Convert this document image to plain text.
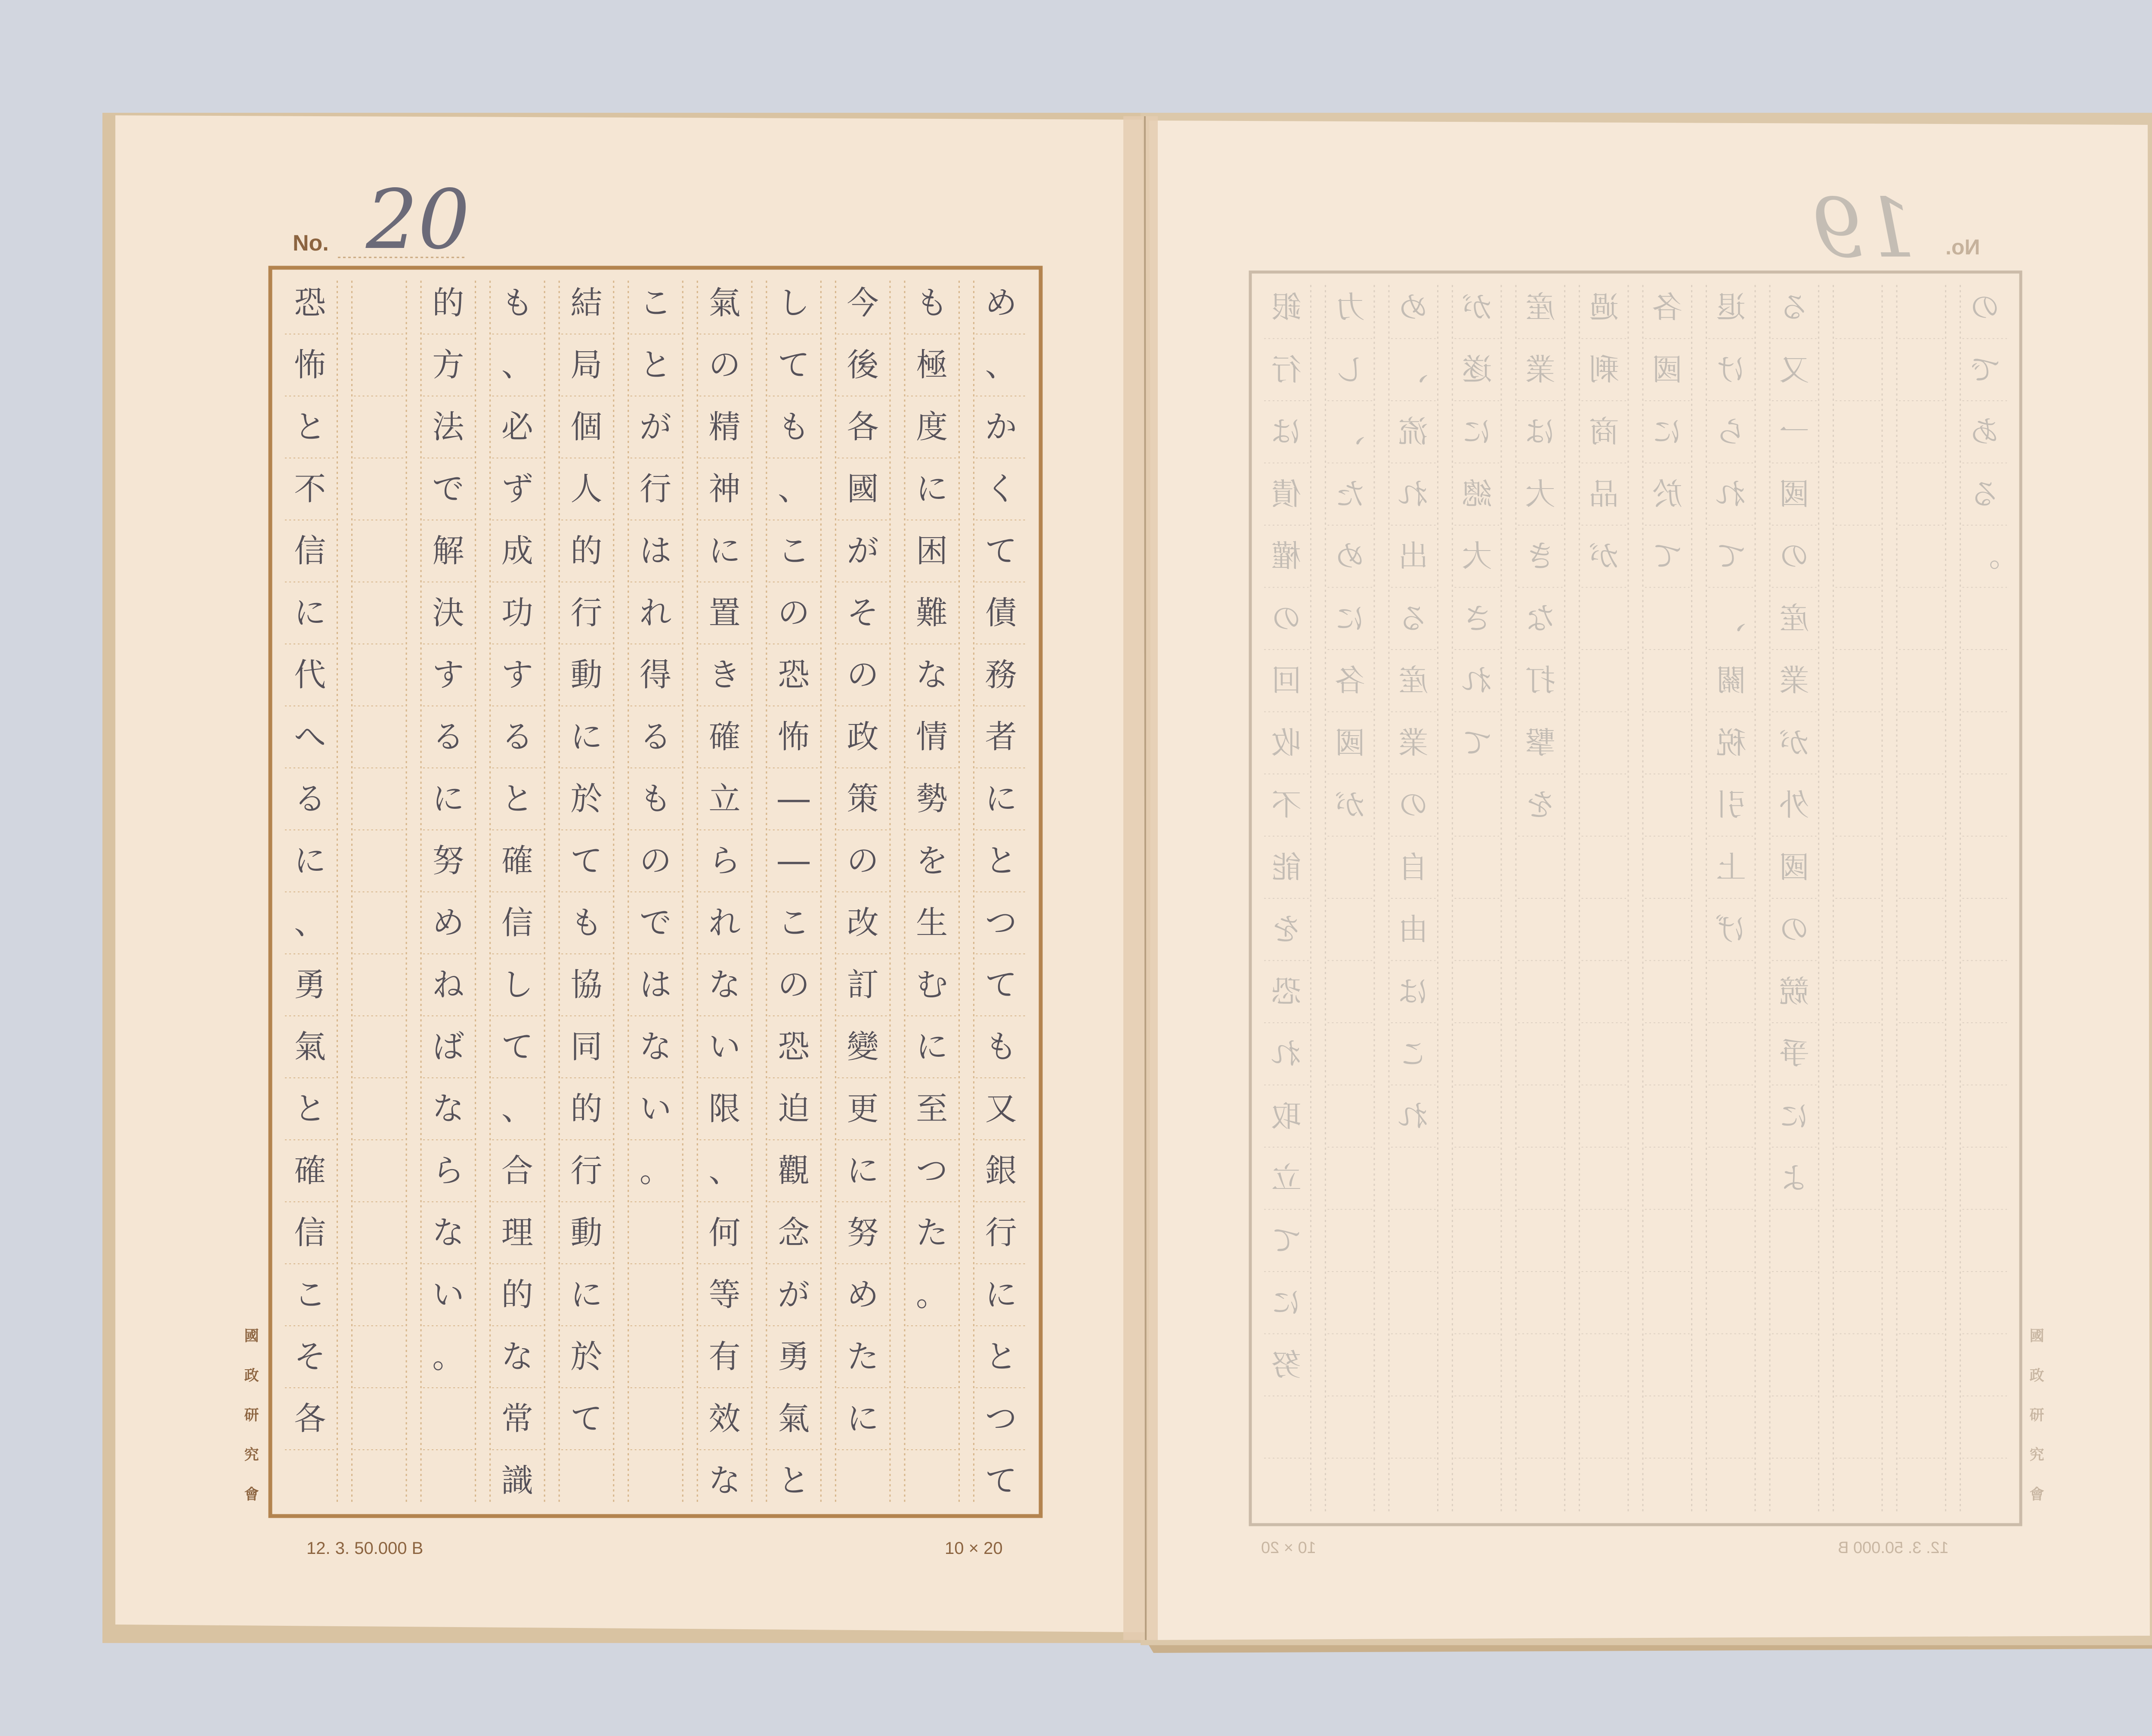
No. 20	No.
19
め
、
か
く
て
債
務
者
に
と
つ
て
も
又
銀
行
に
と
つ
て
も
極
度
に
困
難
な
情
勢
を
生
む
に
至
つ
た
。
今
後
各
國
が
そ
の
政
策
の
改
訂
變
更
に
努
め
た
に
し
て
も
、
こ
の
恐
怖
―
―
こ
の
恐
迫
觀
念
が
勇
氣
と
氣
の
精
神
に
置
き
確
立
ら
れ
な
い
限
、
何
等
有
效
な
こ
と
が
行
は
れ
得
る
も
の
で
は
な
い
。
結
局
個
人
的
行
動
に
於
て
も
協
同
的
行
動
に
於
て
も
、
必
ず
成
功
す
る
と
確
信
し
て
、
合
理
的
な
常
識
的
方
法
で
解
決
す
る
に
努
め
ね
ば
な
ら
な
い
。
恐
怖
と
不
信
に
代
へ
る
に
、
勇
氣
と
確
信
こ
そ
各
銀
行
は
債
權
の
回
收
不
能
を
恐
れ
取
立
て
に
努
力
し
、
た
め
に
各
國
が
め
、
流
れ
出
る
産
業
の
自
由
は
こ
れ
が
遂
に
總
大
さ
れ
て
産
業
は
大
き
な
打
撃
を
過
剰
商
品
が
各
國
に
於
て
退
け
ら
れ
て
、
關
税
引
上
げ
る
又
一
國
の
産
業
が
外
國
の
競
爭
に
よ
の
で
あ
る
。
12. 3. 50.000 B	10 × 20
國政研究會
12. 3. 50.000 B
10 × 20
國政研究會
